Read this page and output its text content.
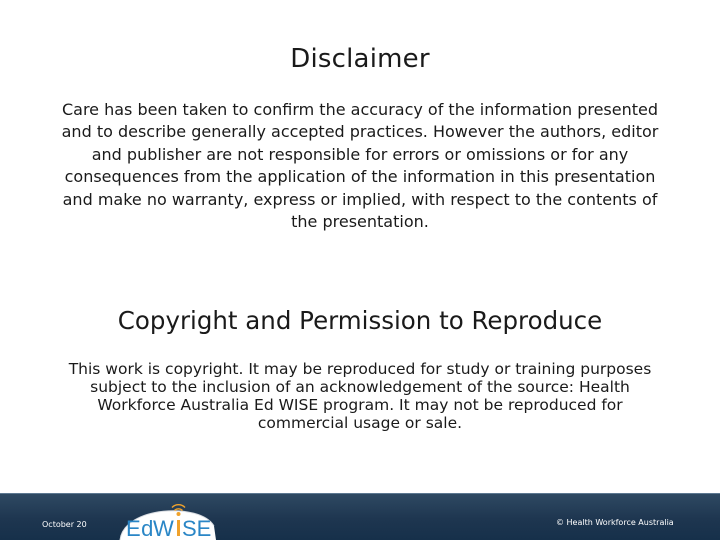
Disclaimer
Care has been taken to confirm the accuracy of the information presented and to describe generally accepted practices. However the authors, editor and publisher are not responsible for errors or omissions or for any consequences from the application of the information in this presentation and make no warranty, express or implied, with respect to the contents of the presentation.
Copyright and Permission to Reproduce
This work is copyright. It may be reproduced for study or training purposes subject to the inclusion of an acknowledgement of the source: Health Workforce Australia Ed WISE program. It may not be reproduced for commercial usage or sale.
October 20	© Health Workforce Australia
Ed W SE
